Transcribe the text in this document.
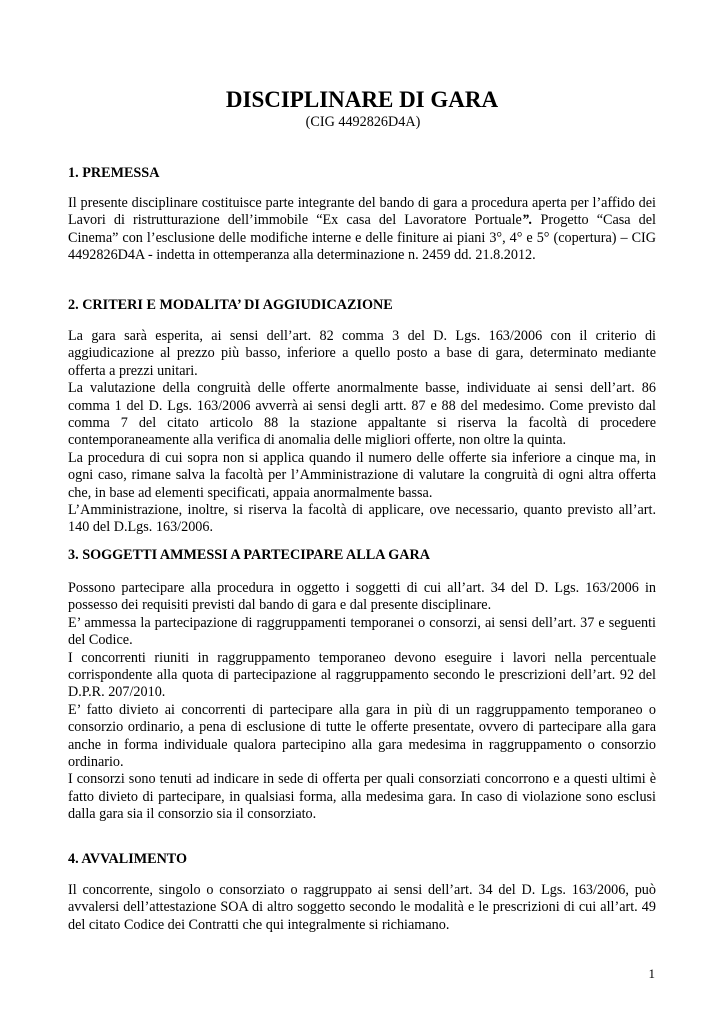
DISCIPLINARE DI GARA
(CIG 4492826D4A)
1. PREMESSA

Il presente disciplinare costituisce parte integrante del bando di gara a procedura aperta per l’affido dei Lavori di ristrutturazione dell’immobile “Ex casa del Lavoratore Portuale”. Progetto “Casa del Cinema” con l’esclusione delle modifiche interne e delle finiture ai piani 3°, 4° e 5° (copertura) – CIG 4492826D4A - indetta in ottemperanza alla determinazione n. 2459 dd. 21.8.2012.

2. CRITERI E MODALITA’ DI AGGIUDICAZIONE

La gara sarà esperita, ai sensi dell’art. 82 comma 3 del D. Lgs. 163/2006 con il criterio di aggiudicazione al prezzo più basso, inferiore a quello posto a base di gara, determinato mediante offerta a prezzi unitari.

La valutazione della congruità delle offerte anormalmente basse, individuate ai sensi dell’art. 86 comma 1 del D. Lgs. 163/2006 avverrà ai sensi degli artt. 87 e 88 del medesimo. Come previsto dal comma 7 del citato articolo 88 la stazione appaltante si riserva la facoltà di procedere contemporaneamente alla verifica di anomalia delle migliori offerte, non oltre la quinta.

La procedura di cui sopra non si applica quando il numero delle offerte sia inferiore a cinque ma, in ogni caso, rimane salva la facoltà per l’Amministrazione di valutare la congruità di ogni altra offerta che, in base ad elementi specificati, appaia anormalmente bassa.

L’Amministrazione, inoltre, si riserva la facoltà di applicare, ove necessario, quanto previsto all’art. 140 del D.Lgs. 163/2006.

3. SOGGETTI AMMESSI A PARTECIPARE ALLA GARA

Possono partecipare alla procedura in oggetto i soggetti di cui all’art. 34 del D. Lgs. 163/2006 in possesso dei requisiti previsti dal bando di gara e dal presente disciplinare.

E’ ammessa la partecipazione di raggruppamenti temporanei o consorzi, ai sensi dell’art. 37 e seguenti del Codice.

I concorrenti riuniti in raggruppamento temporaneo devono eseguire i lavori nella percentuale corrispondente alla quota di partecipazione al raggruppamento secondo le prescrizioni dell’art. 92 del D.P.R. 207/2010.

E’ fatto divieto ai concorrenti di partecipare alla gara in più di un raggruppamento temporaneo o consorzio ordinario, a pena di esclusione di tutte le offerte presentate, ovvero di partecipare alla gara anche in forma individuale qualora partecipino alla gara medesima in raggruppamento o consorzio ordinario.

I consorzi sono tenuti ad indicare in sede di offerta per quali consorziati concorrono e a questi ultimi è fatto divieto di partecipare, in qualsiasi forma, alla medesima gara. In caso di violazione sono esclusi dalla gara sia il consorzio sia il consorziato.

4. AVVALIMENTO

Il concorrente, singolo o consorziato o raggruppato ai sensi dell’art. 34 del D. Lgs. 163/2006, può avvalersi dell’attestazione SOA di altro soggetto secondo le modalità e le prescrizioni di cui all’art. 49 del citato Codice dei Contratti che qui integralmente si richiamano.

1
